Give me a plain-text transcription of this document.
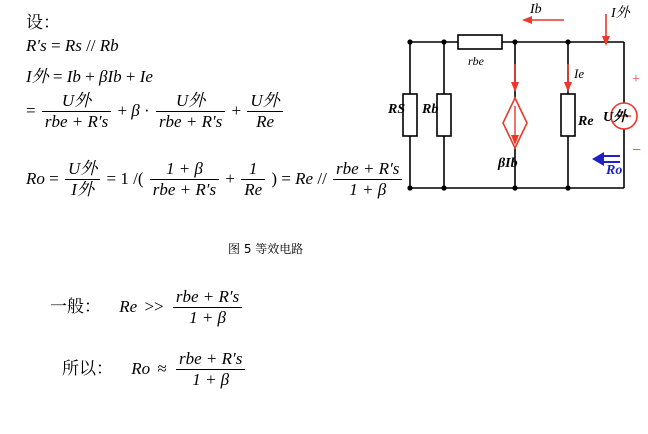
设：
R′s = Rs // Rb
I外 = Ib + βIb + Ie
= $\frac{\text{U外}}{\text{rbe + R′s}} + \beta \cdot \frac{\text{U外}}{\text{rbe + R′s}} + \frac{\text{U外}}{Re}$
$Ro = \frac{\text{U外}}{\text{I外}} = 1$ /( $\frac{1 + \beta}{\text{rbe + R′s}} + \frac{1}{Re}$ ) = Re // $\frac{\text{rbe + R′s}}{1 + \beta}$
图 5 等效电路
一般： $Re >> \frac{\text{rbe + R′s}}{1 + \beta}$
所以： $Ro \approx \frac{\text{rbe + R′s}}{1 + \beta}$
Ib	I外
rbe
Ie
RS Rb
βIb
Re U外
+
−
Ro
